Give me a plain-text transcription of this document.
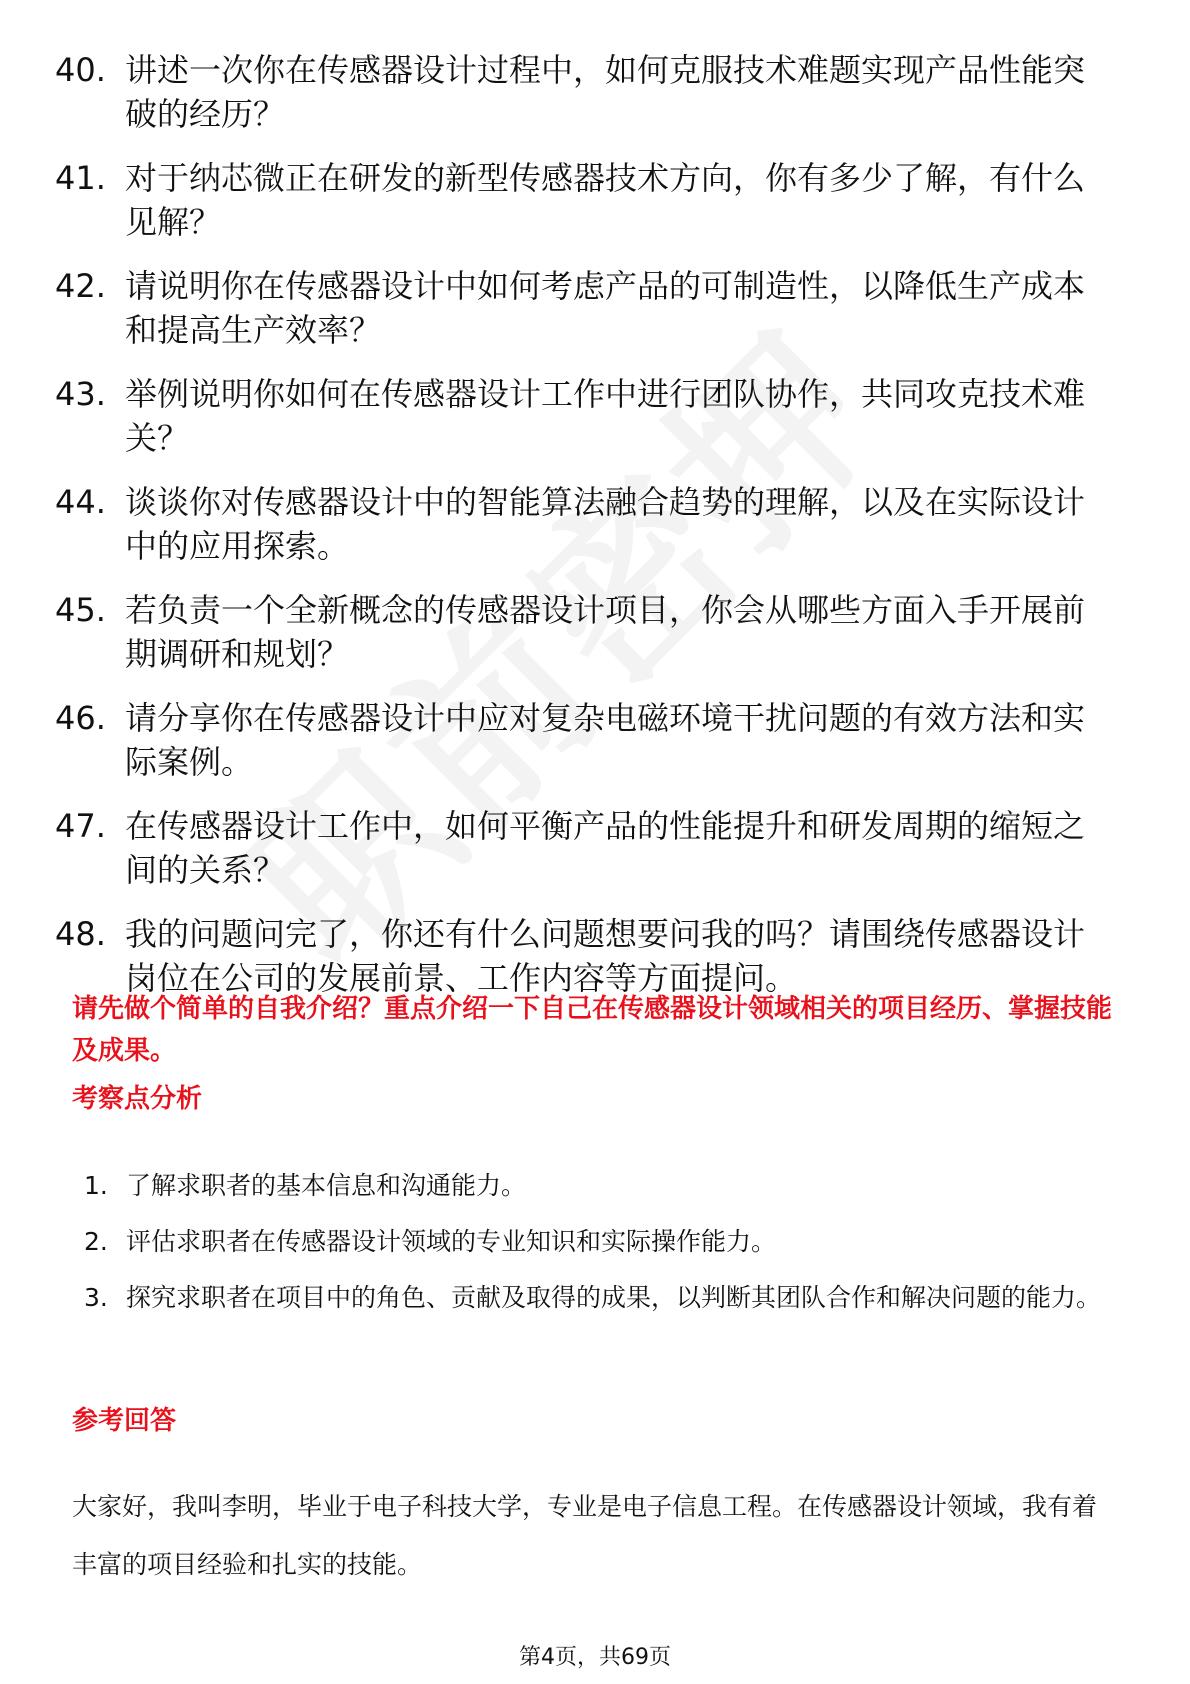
40. 讲述一次你在传感器设计过程中，如何克服技术难题实现产品性能突破的经历？
41. 对于纳芯微正在研发的新型传感器技术方向，你有多少了解，有什么见解？
42. 请说明你在传感器设计中如何考虑产品的可制造性，以降低生产成本和提高生产效率？
43. 举例说明你如何在传感器设计工作中进行团队协作，共同攻克技术难关？
44. 谈谈你对传感器设计中的智能算法融合趋势的理解，以及在实际设计中的应用探索。
45. 若负责一个全新概念的传感器设计项目，你会从哪些方面入手开展前期调研和规划？
46. 请分享你在传感器设计中应对复杂电磁环境干扰问题的有效方法和实际案例。
47. 在传感器设计工作中，如何平衡产品的性能提升和研发周期的缩短之间的关系？
48. 我的问题问完了，你还有什么问题想要问我的吗？请围绕传感器设计岗位在公司的发展前景、工作内容等方面提问。
请先做个简单的自我介绍？重点介绍一下自己在传感器设计领域相关的项目经历、掌握技能及成果。
考察点分析
1. 了解求职者的基本信息和沟通能力。
2. 评估求职者在传感器设计领域的专业知识和实际操作能力。
3. 探究求职者在项目中的角色、贡献及取得的成果，以判断其团队合作和解决问题的能力。
参考回答
大家好，我叫李明，毕业于电子科技大学，专业是电子信息工程。在传感器设计领域，我有着丰富的项目经验和扎实的技能。
第4页，共69页
